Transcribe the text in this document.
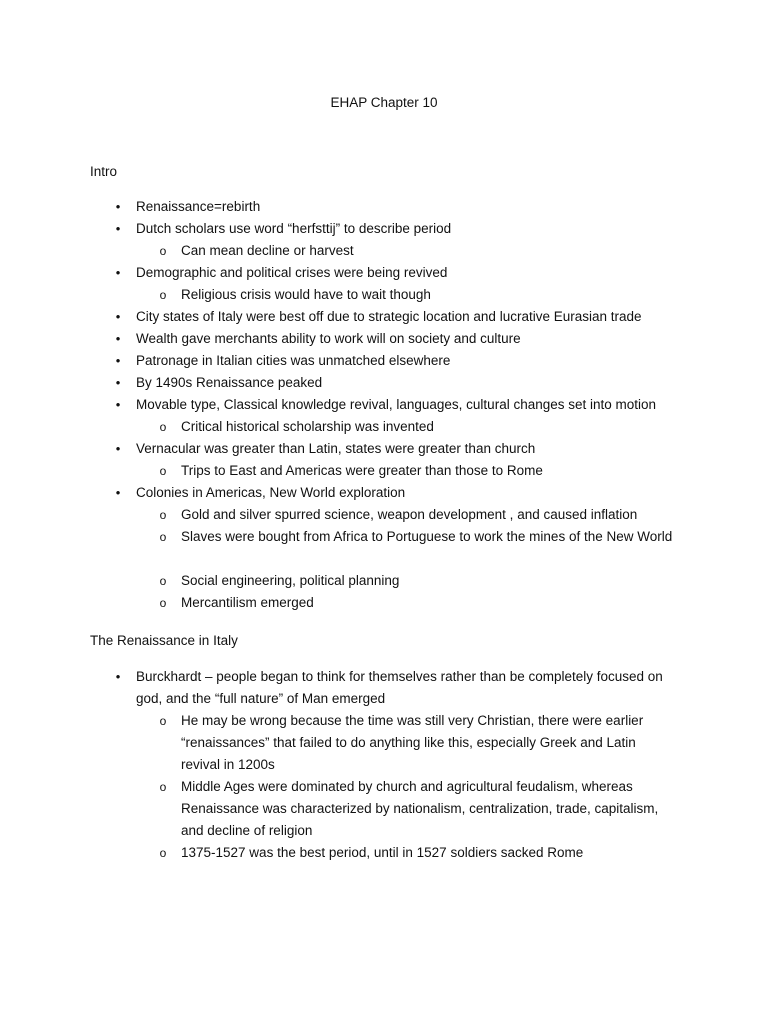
EHAP Chapter 10
Intro
• Renaissance=rebirth
• Dutch scholars use word “herfsttij” to describe period
o Can mean decline or harvest
• Demographic and political crises were being revived
o Religious crisis would have to wait though
• City states of Italy were best off due to strategic location and lucrative Eurasian trade
• Wealth gave merchants ability to work will on society and culture
• Patronage in Italian cities was unmatched elsewhere
• By 1490s Renaissance peaked
• Movable type, Classical knowledge revival, languages, cultural changes set into motion
o Critical historical scholarship was invented
• Vernacular was greater than Latin, states were greater than church
o Trips to East and Americas were greater than those to Rome
• Colonies in Americas, New World exploration
o Gold and silver spurred science, weapon development , and caused inflation
o Slaves were bought from Africa to Portuguese to work the mines of the New World
o Social engineering, political planning
o Mercantilism emerged
The Renaissance in Italy
• Burckhardt – people began to think for themselves rather than be completely focused on god, and the “full nature” of Man emerged
o He may be wrong because the time was still very Christian, there were earlier “renaissances” that failed to do anything like this, especially Greek and Latin revival in 1200s
o Middle Ages were dominated by church and agricultural feudalism, whereas Renaissance was characterized by nationalism, centralization, trade, capitalism, and decline of religion
o 1375-1527 was the best period, until in 1527 soldiers sacked Rome
